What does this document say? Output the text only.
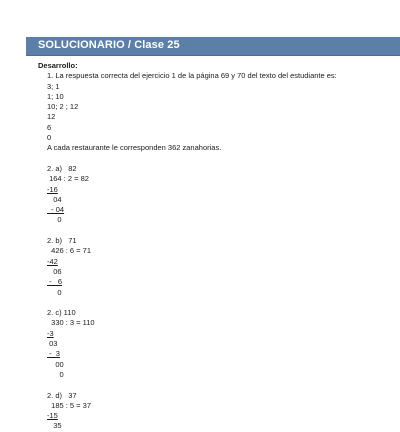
SOLUCIONARIO / Clase 25
Desarrollo:
1. La respuesta correcta del ejercicio 1 de la página 69 y 70 del texto del estudiante es:
3; 1
1; 10
10; 2 ; 12
12
6
0
A cada restaurante le corresponden 362 zanahorias.
2. a)   82
164 : 2 = 82
-16
04
- 04
0
2. b)   71
426 : 6 = 71
-42
06
-   6
0
2. c) 110
330 : 3 = 110
-3
03
-  3
00
0
2. d)   37
185 : 5 = 37
-15
35
